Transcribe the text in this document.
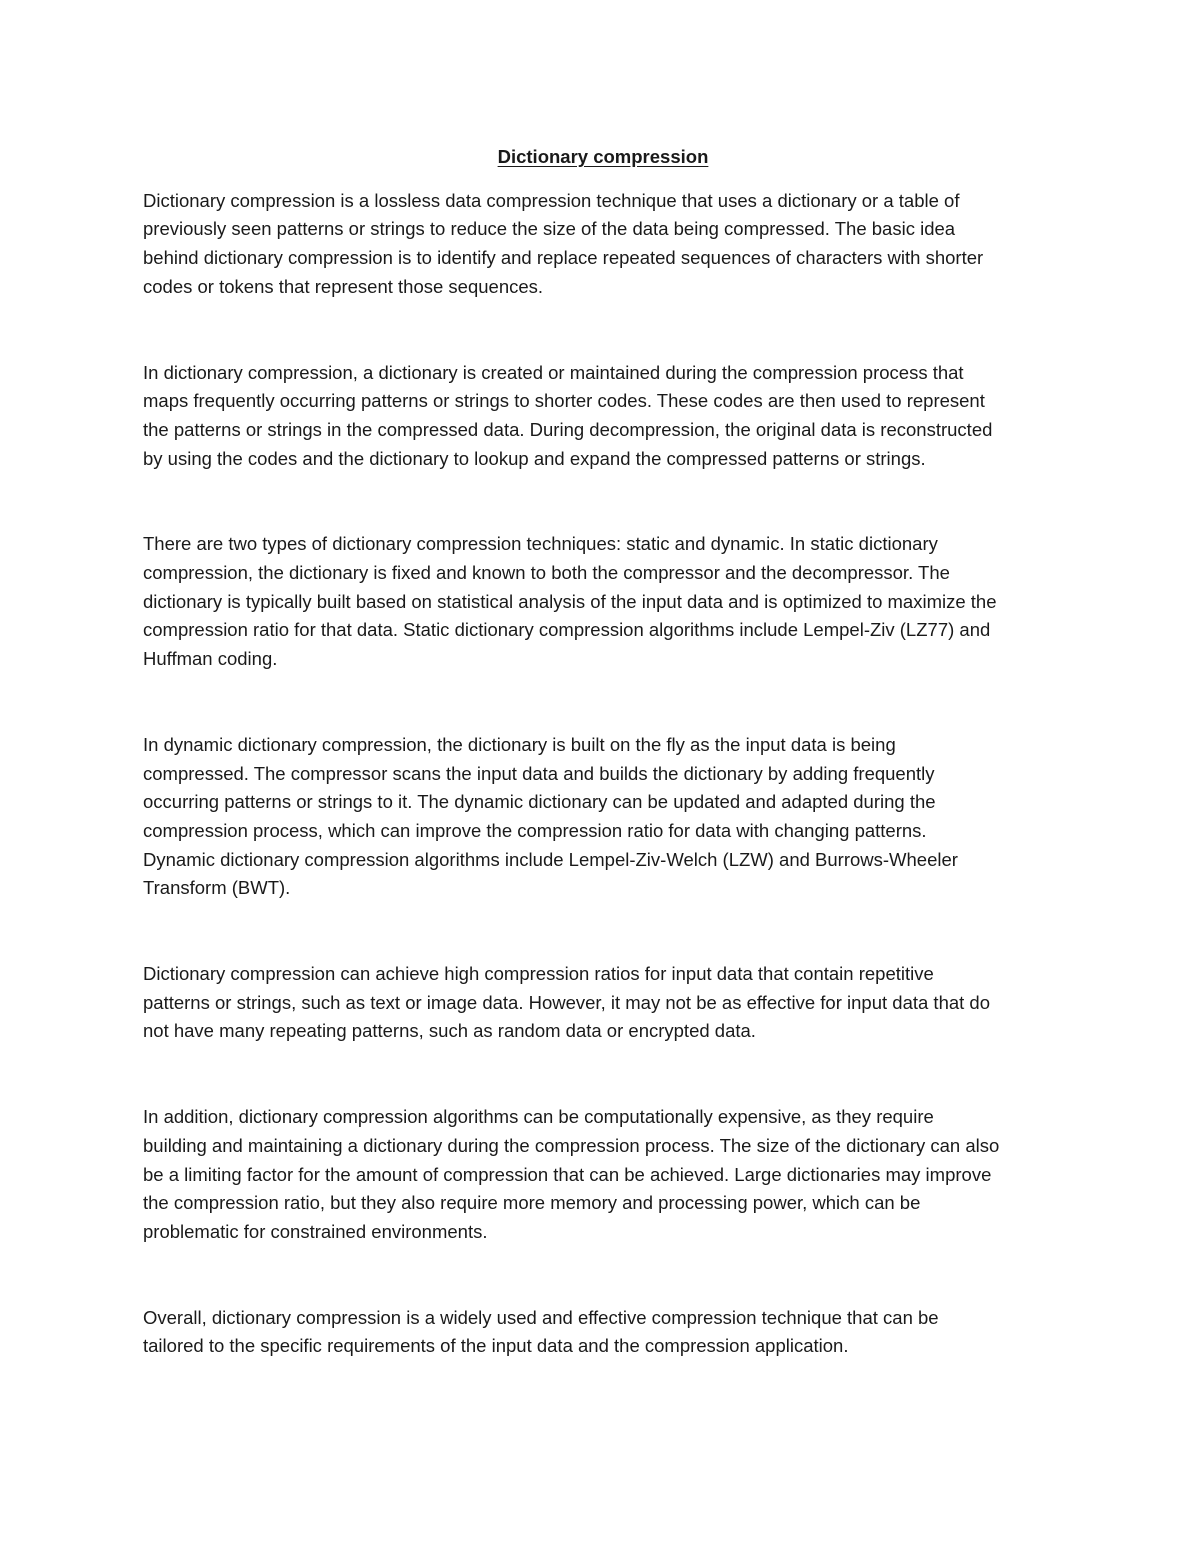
Dictionary compression
Dictionary compression is a lossless data compression technique that uses a dictionary or a table of
previously seen patterns or strings to reduce the size of the data being compressed. The basic idea
behind dictionary compression is to identify and replace repeated sequences of characters with shorter
codes or tokens that represent those sequences.
In dictionary compression, a dictionary is created or maintained during the compression process that
maps frequently occurring patterns or strings to shorter codes. These codes are then used to represent
the patterns or strings in the compressed data. During decompression, the original data is reconstructed
by using the codes and the dictionary to lookup and expand the compressed patterns or strings.
There are two types of dictionary compression techniques: static and dynamic. In static dictionary
compression, the dictionary is fixed and known to both the compressor and the decompressor. The
dictionary is typically built based on statistical analysis of the input data and is optimized to maximize the
compression ratio for that data. Static dictionary compression algorithms include Lempel-Ziv (LZ77) and
Huffman coding.
In dynamic dictionary compression, the dictionary is built on the fly as the input data is being
compressed. The compressor scans the input data and builds the dictionary by adding frequently
occurring patterns or strings to it. The dynamic dictionary can be updated and adapted during the
compression process, which can improve the compression ratio for data with changing patterns.
Dynamic dictionary compression algorithms include Lempel-Ziv-Welch (LZW) and Burrows-Wheeler
Transform (BWT).
Dictionary compression can achieve high compression ratios for input data that contain repetitive
patterns or strings, such as text or image data. However, it may not be as effective for input data that do
not have many repeating patterns, such as random data or encrypted data.
In addition, dictionary compression algorithms can be computationally expensive, as they require
building and maintaining a dictionary during the compression process. The size of the dictionary can also
be a limiting factor for the amount of compression that can be achieved. Large dictionaries may improve
the compression ratio, but they also require more memory and processing power, which can be
problematic for constrained environments.
Overall, dictionary compression is a widely used and effective compression technique that can be
tailored to the specific requirements of the input data and the compression application.
